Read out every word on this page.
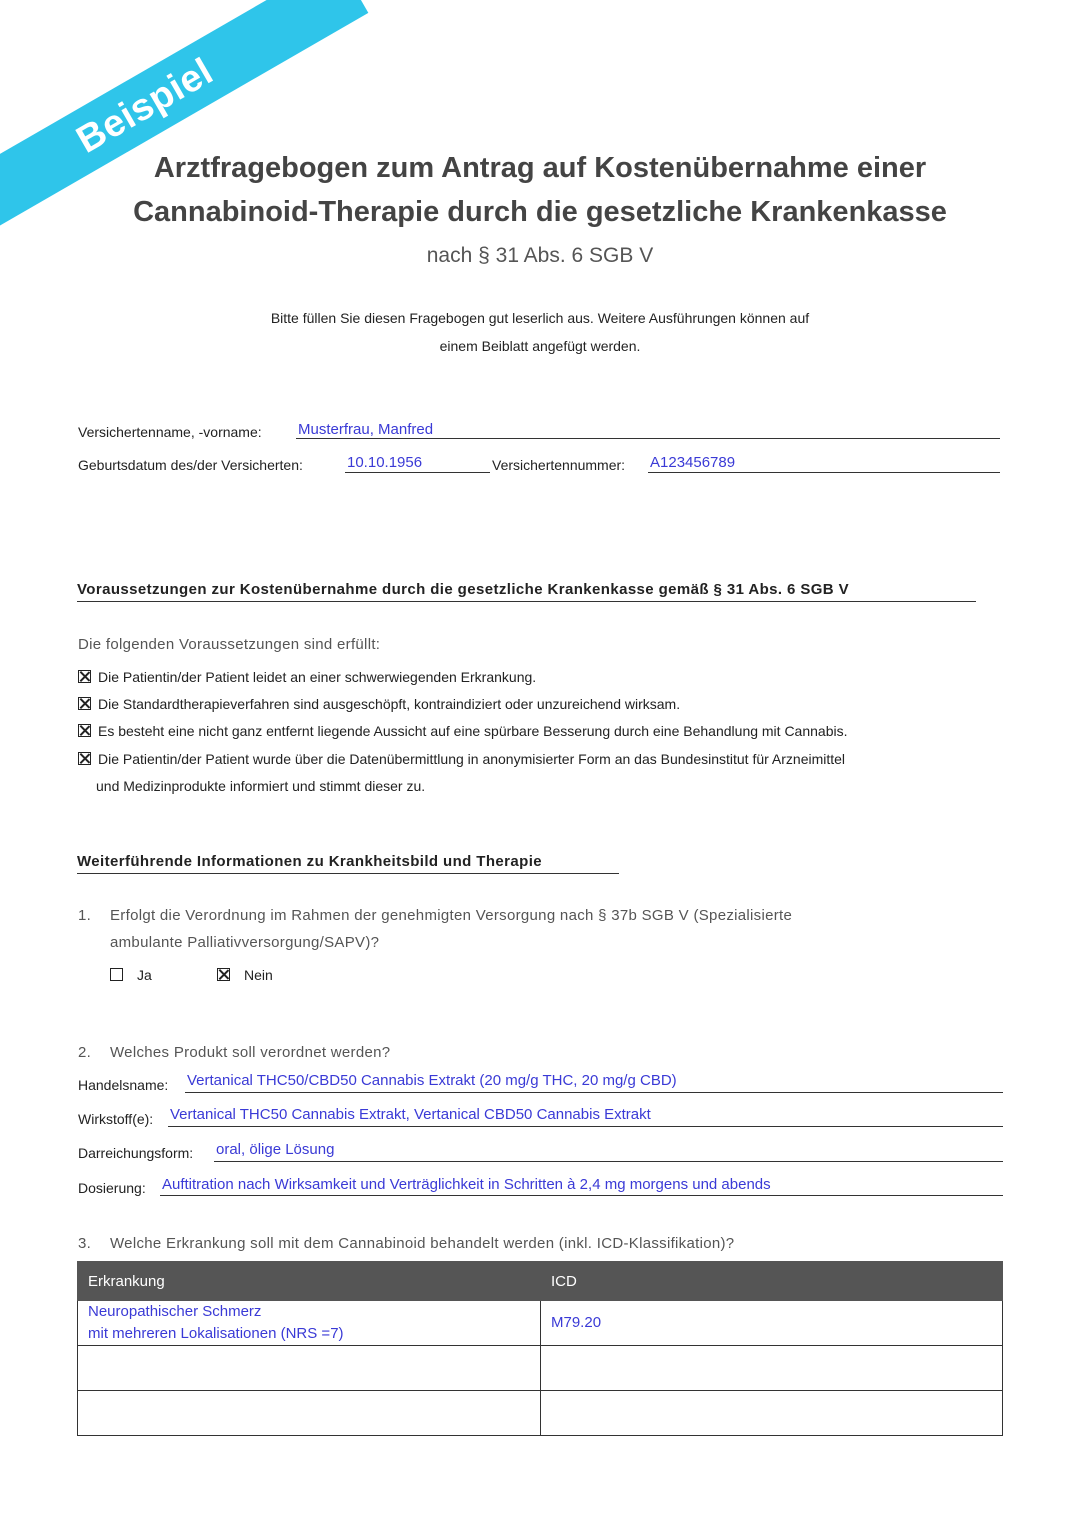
Beispiel
Arztfragebogen zum Antrag auf Kostenübernahme einer
Cannabinoid-Therapie durch die gesetzliche Krankenkasse
nach § 31 Abs. 6 SGB V
Bitte füllen Sie diesen Fragebogen gut leserlich aus. Weitere Ausführungen können auf
einem Beiblatt angefügt werden.
Versichertenname, -vorname: Musterfrau, Manfred
Geburtsdatum des/der Versicherten:	10.10.1956	Versichertennummer: A123456789
Voraussetzungen zur Kostenübernahme durch die gesetzliche Krankenkasse gemäß § 31 Abs. 6 SGB V
Die folgenden Voraussetzungen sind erfüllt:
Die Patientin/der Patient leidet an einer schwerwiegenden Erkrankung.
Die Standardtherapieverfahren sind ausgeschöpft, kontraindiziert oder unzureichend wirksam.
Es besteht eine nicht ganz entfernt liegende Aussicht auf eine spürbare Besserung durch eine Behandlung mit Cannabis.
Die Patientin/der Patient wurde über die Datenübermittlung in anonymisierter Form an das Bundesinstitut für Arzneimittel
und Medizinprodukte informiert und stimmt dieser zu.
Weiterführende Informationen zu Krankheitsbild und Therapie
1. Erfolgt die Verordnung im Rahmen der genehmigten Versorgung nach § 37b SGB V (Spezialisierte
ambulante Palliativversorgung/SAPV)?
Ja	Nein
2. Welches Produkt soll verordnet werden?
Handelsname: Vertanical THC50/CBD50 Cannabis Extrakt (20 mg/g THC, 20 mg/g CBD)
Wirkstoff(e): Vertanical THC50 Cannabis Extrakt, Vertanical CBD50 Cannabis Extrakt
Darreichungsform: oral, ölige Lösung
Dosierung: Auftitration nach Wirksamkeit und Verträglichkeit in Schritten à 2,4 mg morgens und abends
3. Welche Erkrankung soll mit dem Cannabinoid behandelt werden (inkl. ICD-Klassifikation)?
Erkrankung	ICD

Neuropathischer Schmerz
mit mehreren Lokalisationen (NRS =7)	M79.20
